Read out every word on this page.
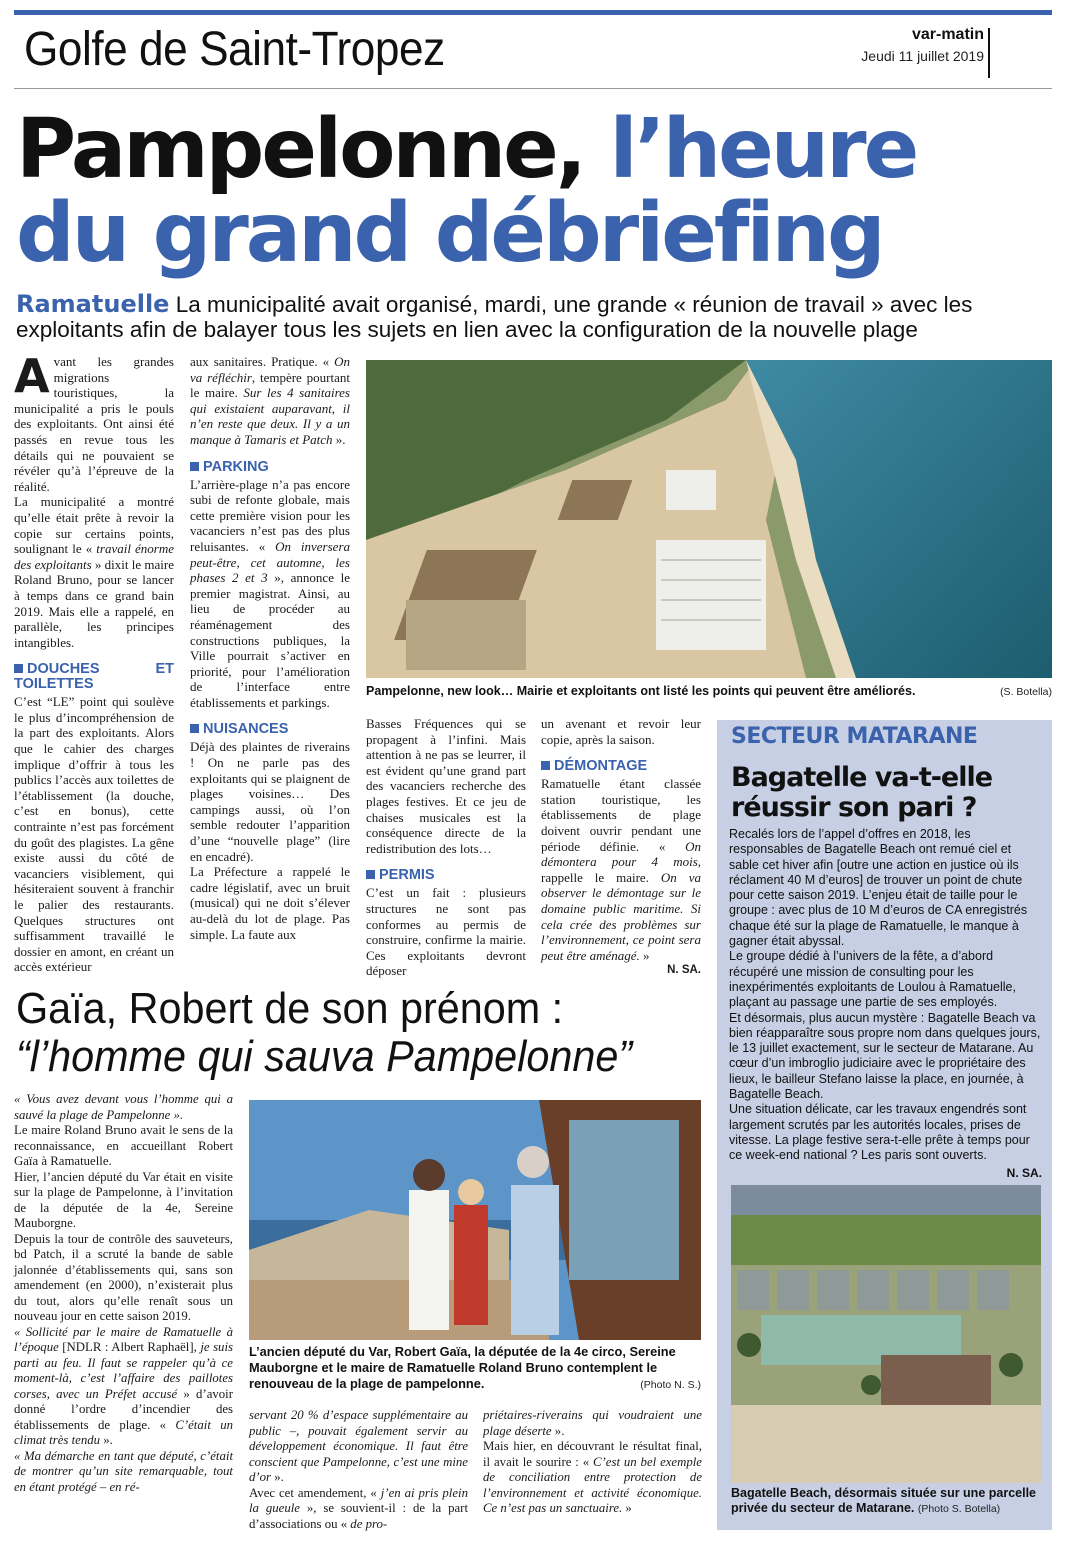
Golfe de Saint-Tropez	var-matin
Jeudi 11 juillet 2019
Pampelonne, l’heure
du grand débriefing
Ramatuelle La municipalité avait organisé, mardi, une grande « réunion de travail » avec les exploitants afin de balayer tous les sujets en lien avec la configuration de la nouvelle plage
A vant les grandes migrations touristiques, la municipalité a pris le pouls des exploitants. Ont ainsi été passés en revue tous les détails qui ne pouvaient se révéler qu’à l’épreuve de la réalité.

La municipalité a montré qu’elle était prête à revoir la copie sur certains points, soulignant le « travail énorme des exploitants » dixit le maire Roland Bruno, pour se lancer à temps dans ce grand bain 2019. Mais elle a rappelé, en parallèle, les principes intangibles.

DOUCHES ET TOILETTES

C’est “LE” point qui soulève le plus d’incompréhension de la part des exploitants. Alors que le cahier des charges implique d’offrir à tous les publics l’accès aux toilettes de l’établissement (la douche, c’est en bonus), cette contrainte n’est pas forcément du goût des plagistes. La gêne existe aussi du côté de vacanciers visiblement, qui hésiteraient souvent à franchir le palier des restaurants. Quelques structures ont suffisamment travaillé le dossier en amont, en créant un accès extérieur

aux sanitaires. Pratique. « On va réfléchir, tempère pourtant le maire. Sur les 4 sanitaires qui existaient auparavant, il n’en reste que deux. Il y a un manque à Tamaris et Patch ».

PARKING

L’arrière-plage n’a pas encore subi de refonte globale, mais cette première vision pour les vacanciers n’est pas des plus reluisantes. « On inversera peut-être, cet automne, les phases 2 et 3 », annonce le premier magistrat. Ainsi, au lieu de procéder au réaménagement des constructions publiques, la Ville pourrait s’activer en priorité, pour l’amélioration de l’interface entre établissements et parkings.

NUISANCES

Déjà des plaintes de riverains ! On ne parle pas des exploitants qui se plaignent de plages voisines… Des campings aussi, où l’on semble redouter l’apparition d’une “nouvelle plage” (lire en encadré).

La Préfecture a rappelé le cadre législatif, avec un bruit (musical) qui ne doit s’élever au-delà du lot de plage. Pas simple. La faute aux

Pampelonne, new look… Mairie et exploitants ont listé les points qui peuvent être améliorés.	(S. Botella)

Basses Fréquences qui se propagent à l’infini. Mais attention à ne pas se leurrer, il est évident qu’une grand part des vacanciers recherche des plages festives. Et ce jeu de chaises musicales est la conséquence directe de la redistribution des lots…

PERMIS

C’est un fait : plusieurs structures ne sont pas conformes au permis de construire, confirme la mairie. Ces exploitants devront déposer

un avenant et revoir leur copie, après la saison.

DÉMONTAGE

Ramatuelle étant classée station touristique, les établissements de plage doivent ouvrir pendant une période définie. « On démontera pour 4 mois, rappelle le maire. On va observer le démontage sur le domaine public maritime. Si cela crée des problèmes sur l’environnement, ce point sera peut être aménagé. »

N. SA.
SECTEUR MATARANE
Bagatelle va-t-elle réussir son pari ?

Recalés lors de l’appel d’offres en 2018, les responsables de Bagatelle Beach ont remué ciel et sable cet hiver afin [outre une action en justice où ils réclament 40 M d’euros] de trouver un point de chute pour cette saison 2019. L’enjeu était de taille pour le groupe : avec plus de 10 M d’euros de CA enregistrés chaque été sur la plage de Ramatuelle, le manque à gagner était abyssal.

Le groupe dédié à l’univers de la fête, a d’abord récupéré une mission de consulting pour les inexpérimentés exploitants de Loulou à Ramatuelle, plaçant au passage une partie de ses employés.

Et désormais, plus aucun mystère : Bagatelle Beach va bien réapparaître sous propre nom dans quelques jours, le 13 juillet exactement, sur le secteur de Matarane. Au cœur d’un imbroglio judiciaire avec le propriétaire des lieux, le bailleur Stefano laisse la place, en journée, à Bagatelle Beach.

Une situation délicate, car les travaux engendrés sont largement scrutés par les autorités locales, prises de vitesse. La plage festive sera-t-elle prête à temps pour ce week-end national ? Les paris sont ouverts.

N. SA.
Bagatelle Beach, désormais située sur une parcelle privée du secteur de Matarane. (Photo S. Botella)
Gaïa, Robert de son prénom :
“l’homme qui sauva Pampelonne”

« Vous avez devant vous l’homme qui a sauvé la plage de Pampelonne ».

Le maire Roland Bruno avait le sens de la reconnaissance, en accueillant Robert Gaïa à Ramatuelle.

Hier, l’ancien député du Var était en visite sur la plage de Pampelonne, à l’invitation de la députée de la 4e, Sereine Mauborgne.

Depuis la tour de contrôle des sauveteurs, bd Patch, il a scruté la bande de sable jalonnée d’établissements qui, sans son amendement (en 2000), n’existerait plus du tout, alors qu’elle renaît sous un nouveau jour en cette saison 2019.

« Sollicité par le maire de Ramatuelle à l’époque [NDLR : Albert Raphaël], je suis parti au feu. Il faut se rappeler qu’à ce moment-là, c’est l’affaire des paillotes corses, avec un Préfet accusé » d’avoir donné l’ordre d’incendier des établissements de plage. « C’était un climat très tendu ».

« Ma démarche en tant que député, c’était de montrer qu’un site remarquable, tout en étant protégé – en ré-

L’ancien député du Var, Robert Gaïa, la députée de la 4e circo, Sereine Mauborgne et le maire de Ramatuelle Roland Bruno contemplent le renouveau de la plage de pampelonne.	(Photo N. S.)

servant 20 % d’espace supplémentaire au public –, pouvait également servir au développement économique. Il faut être conscient que Pampelonne, c’est une mine d’or ».

Avec cet amendement, « j’en ai pris plein la gueule », se souvient-il : de la part d’associations ou « de pro-

priétaires-riverains qui voudraient une plage déserte ».

Mais hier, en découvrant le résultat final, il avait le sourire : « C’est un bel exemple de conciliation entre protection de l’environnement et activité économique. Ce n’est pas un sanctuaire. »
